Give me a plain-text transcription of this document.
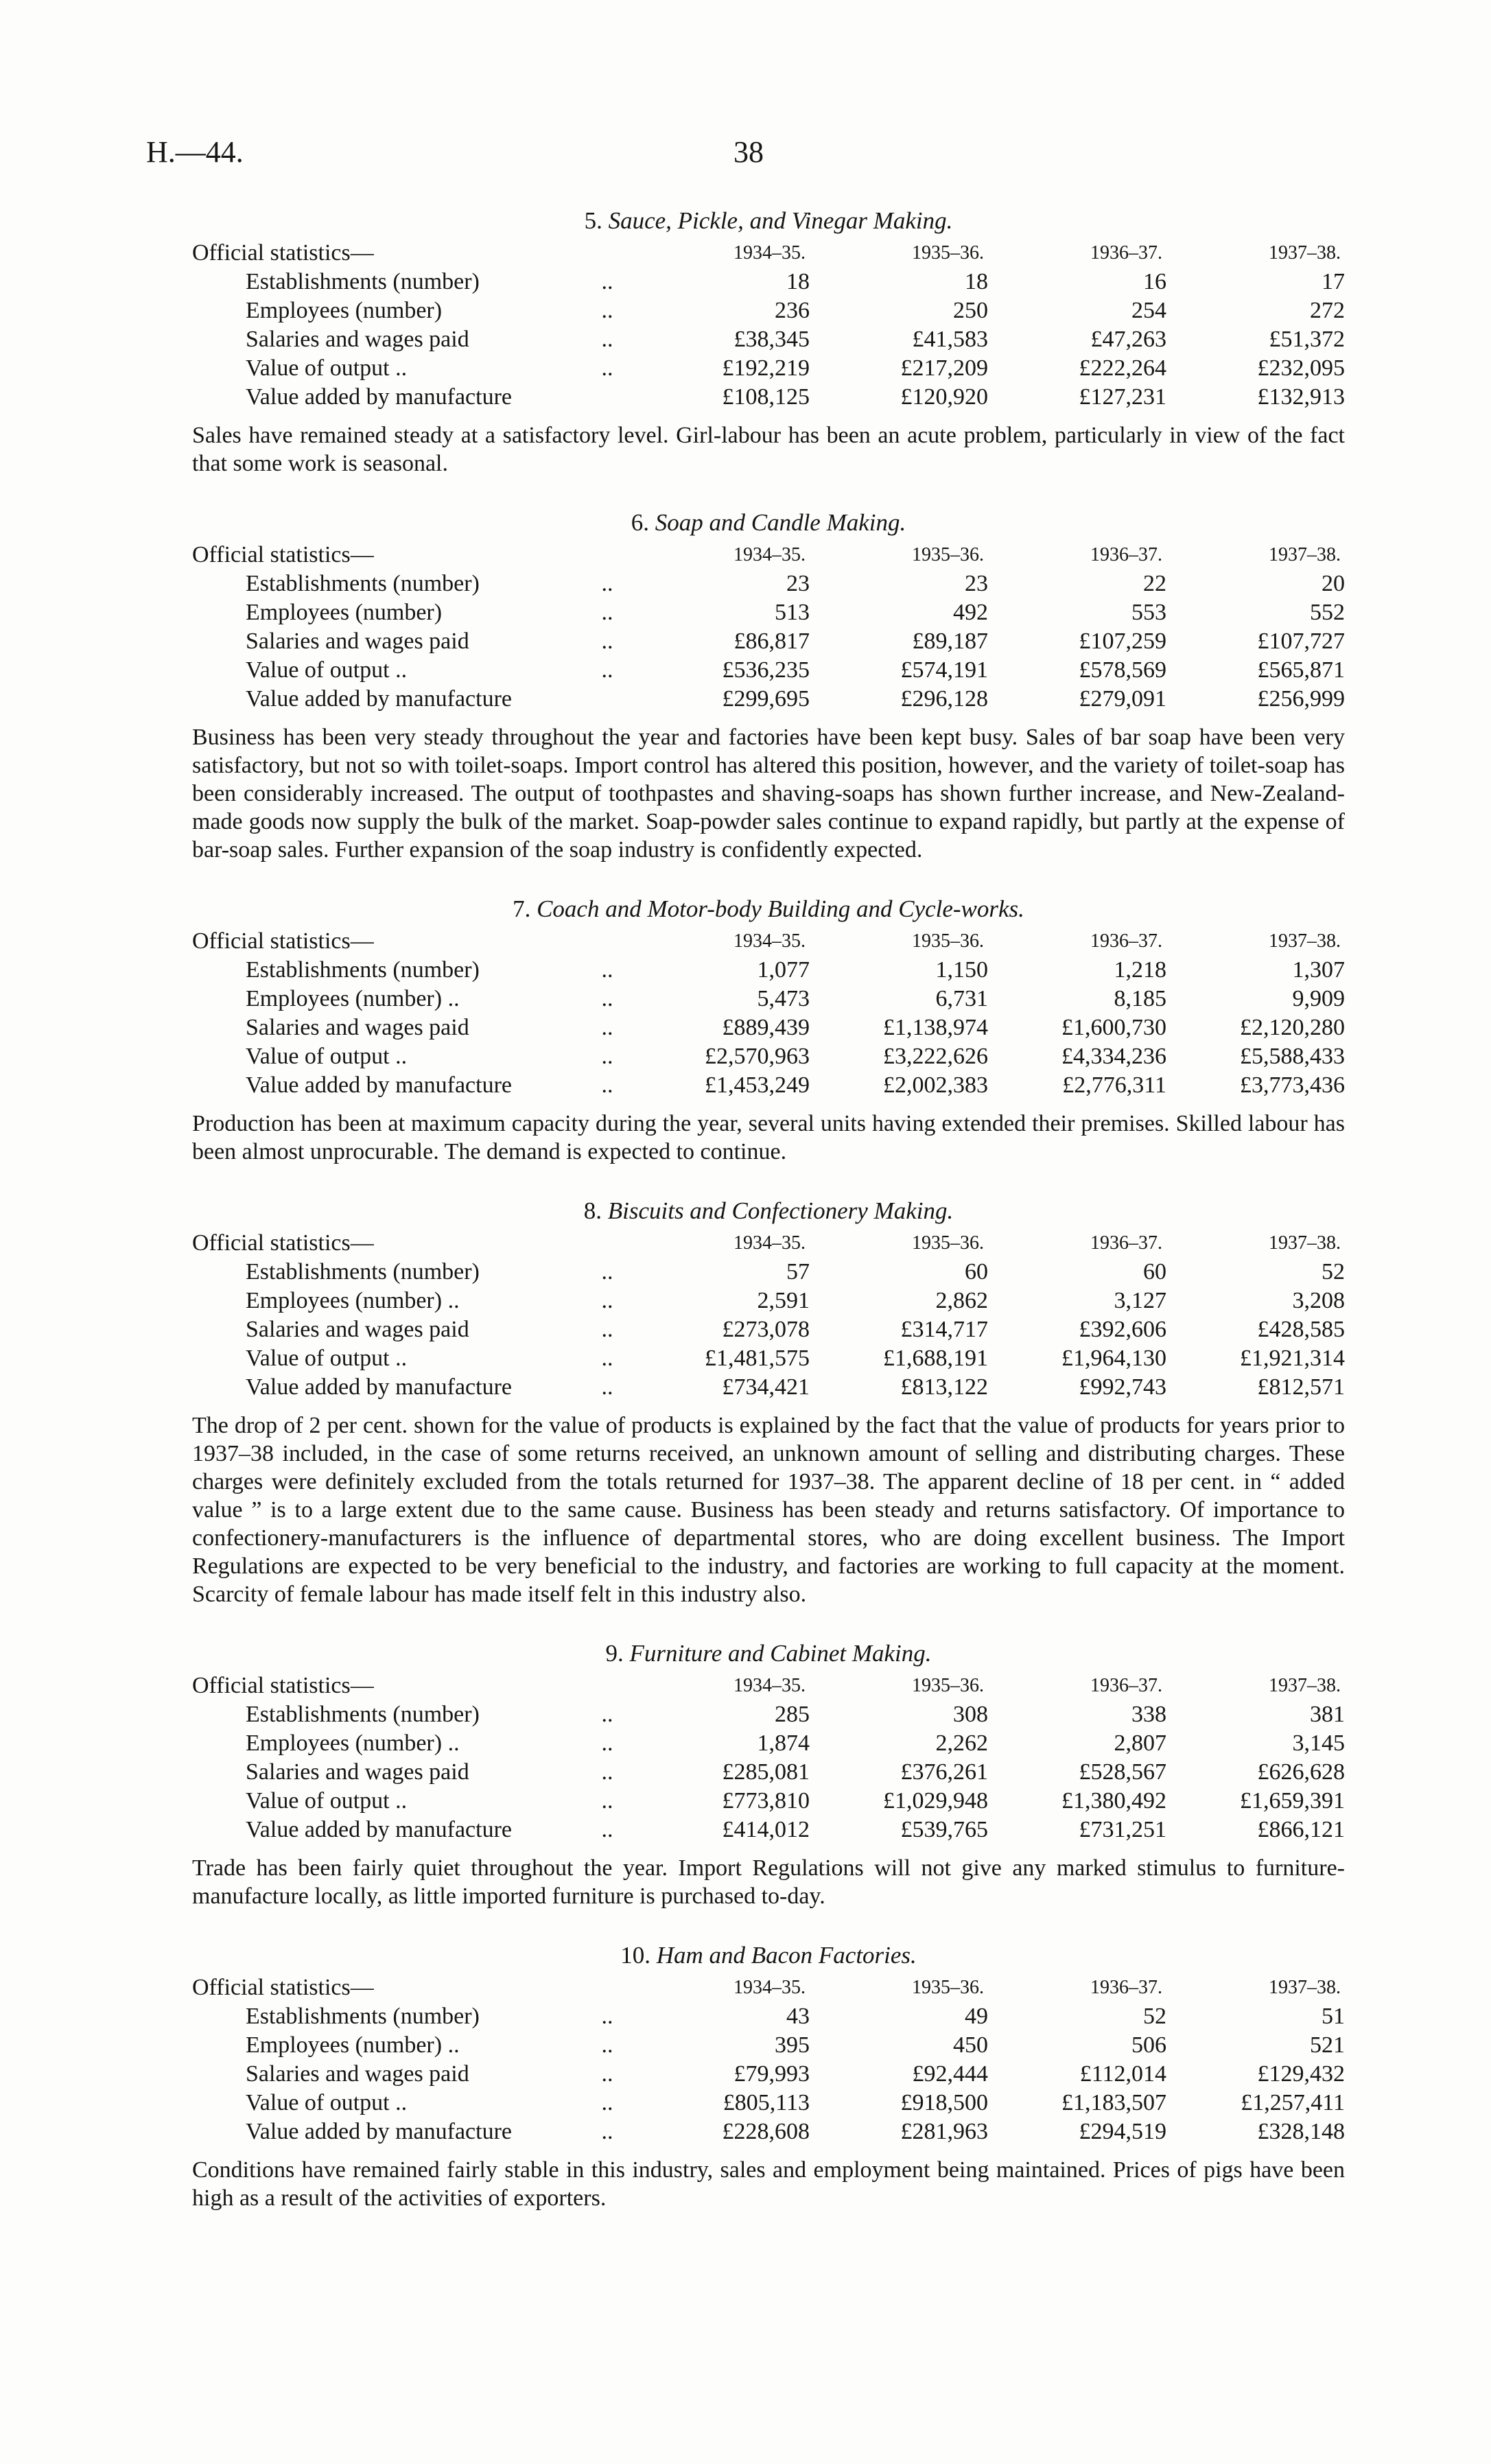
H.—44.	38
5. Sauce, Pickle, and Vinegar Making.
Official statistics—		1934–35.	1935–36.	1936–37.	1937–38.
Establishments (number)	..	18	18	16	17
Employees (number)	..	236	250	254	272
Salaries and wages paid	..	£38,345	£41,583	£47,263	£51,372
Value of output ..	..	£192,219	£217,209	£222,264	£232,095
Value added by manufacture		£108,125	£120,920	£127,231	£132,913

Sales have remained steady at a satisfactory level. Girl-labour has been an acute problem, particularly in view of the fact that some work is seasonal.

6. Soap and Candle Making.
Official statistics—		1934–35.	1935–36.	1936–37.	1937–38.
Establishments (number)	..	23	23	22	20
Employees (number)	..	513	492	553	552
Salaries and wages paid	..	£86,817	£89,187	£107,259	£107,727
Value of output ..	..	£536,235	£574,191	£578,569	£565,871
Value added by manufacture		£299,695	£296,128	£279,091	£256,999

Business has been very steady throughout the year and factories have been kept busy. Sales of bar soap have been very satisfactory, but not so with toilet-soaps. Import control has altered this position, however, and the variety of toilet-soap has been considerably increased. The output of toothpastes and shaving-soaps has shown further increase, and New-Zealand-made goods now supply the bulk of the market. Soap-powder sales continue to expand rapidly, but partly at the expense of bar-soap sales. Further expansion of the soap industry is confidently expected.

7. Coach and Motor-body Building and Cycle-works.
Official statistics—		1934–35.	1935–36.	1936–37.	1937–38.
Establishments (number)	..	1,077	1,150	1,218	1,307
Employees (number) ..	..	5,473	6,731	8,185	9,909
Salaries and wages paid	..	£889,439	£1,138,974	£1,600,730	£2,120,280
Value of output ..	..	£2,570,963	£3,222,626	£4,334,236	£5,588,433
Value added by manufacture	..	£1,453,249	£2,002,383	£2,776,311	£3,773,436

Production has been at maximum capacity during the year, several units having extended their premises. Skilled labour has been almost unprocurable. The demand is expected to continue.

8. Biscuits and Confectionery Making.
Official statistics—		1934–35.	1935–36.	1936–37.	1937–38.
Establishments (number)	..	57	60	60	52
Employees (number) ..	..	2,591	2,862	3,127	3,208
Salaries and wages paid	..	£273,078	£314,717	£392,606	£428,585
Value of output ..	..	£1,481,575	£1,688,191	£1,964,130	£1,921,314
Value added by manufacture	..	£734,421	£813,122	£992,743	£812,571

The drop of 2 per cent. shown for the value of products is explained by the fact that the value of products for years prior to 1937–38 included, in the case of some returns received, an unknown amount of selling and distributing charges. These charges were definitely excluded from the totals returned for 1937–38. The apparent decline of 18 per cent. in “ added value ” is to a large extent due to the same cause. Business has been steady and returns satisfactory. Of importance to confectionery-manufacturers is the influence of departmental stores, who are doing excellent business. The Import Regulations are expected to be very beneficial to the industry, and factories are working to full capacity at the moment. Scarcity of female labour has made itself felt in this industry also.

9. Furniture and Cabinet Making.
Official statistics—		1934–35.	1935–36.	1936–37.	1937–38.
Establishments (number)	..	285	308	338	381
Employees (number) ..	..	1,874	2,262	2,807	3,145
Salaries and wages paid	..	£285,081	£376,261	£528,567	£626,628
Value of output ..	..	£773,810	£1,029,948	£1,380,492	£1,659,391
Value added by manufacture	..	£414,012	£539,765	£731,251	£866,121

Trade has been fairly quiet throughout the year. Import Regulations will not give any marked stimulus to furniture-manufacture locally, as little imported furniture is purchased to-day.

10. Ham and Bacon Factories.
Official statistics—		1934–35.	1935–36.	1936–37.	1937–38.
Establishments (number)	..	43	49	52	51
Employees (number) ..	..	395	450	506	521
Salaries and wages paid	..	£79,993	£92,444	£112,014	£129,432
Value of output ..	..	£805,113	£918,500	£1,183,507	£1,257,411
Value added by manufacture	..	£228,608	£281,963	£294,519	£328,148

Conditions have remained fairly stable in this industry, sales and employment being maintained. Prices of pigs have been high as a result of the activities of exporters.
